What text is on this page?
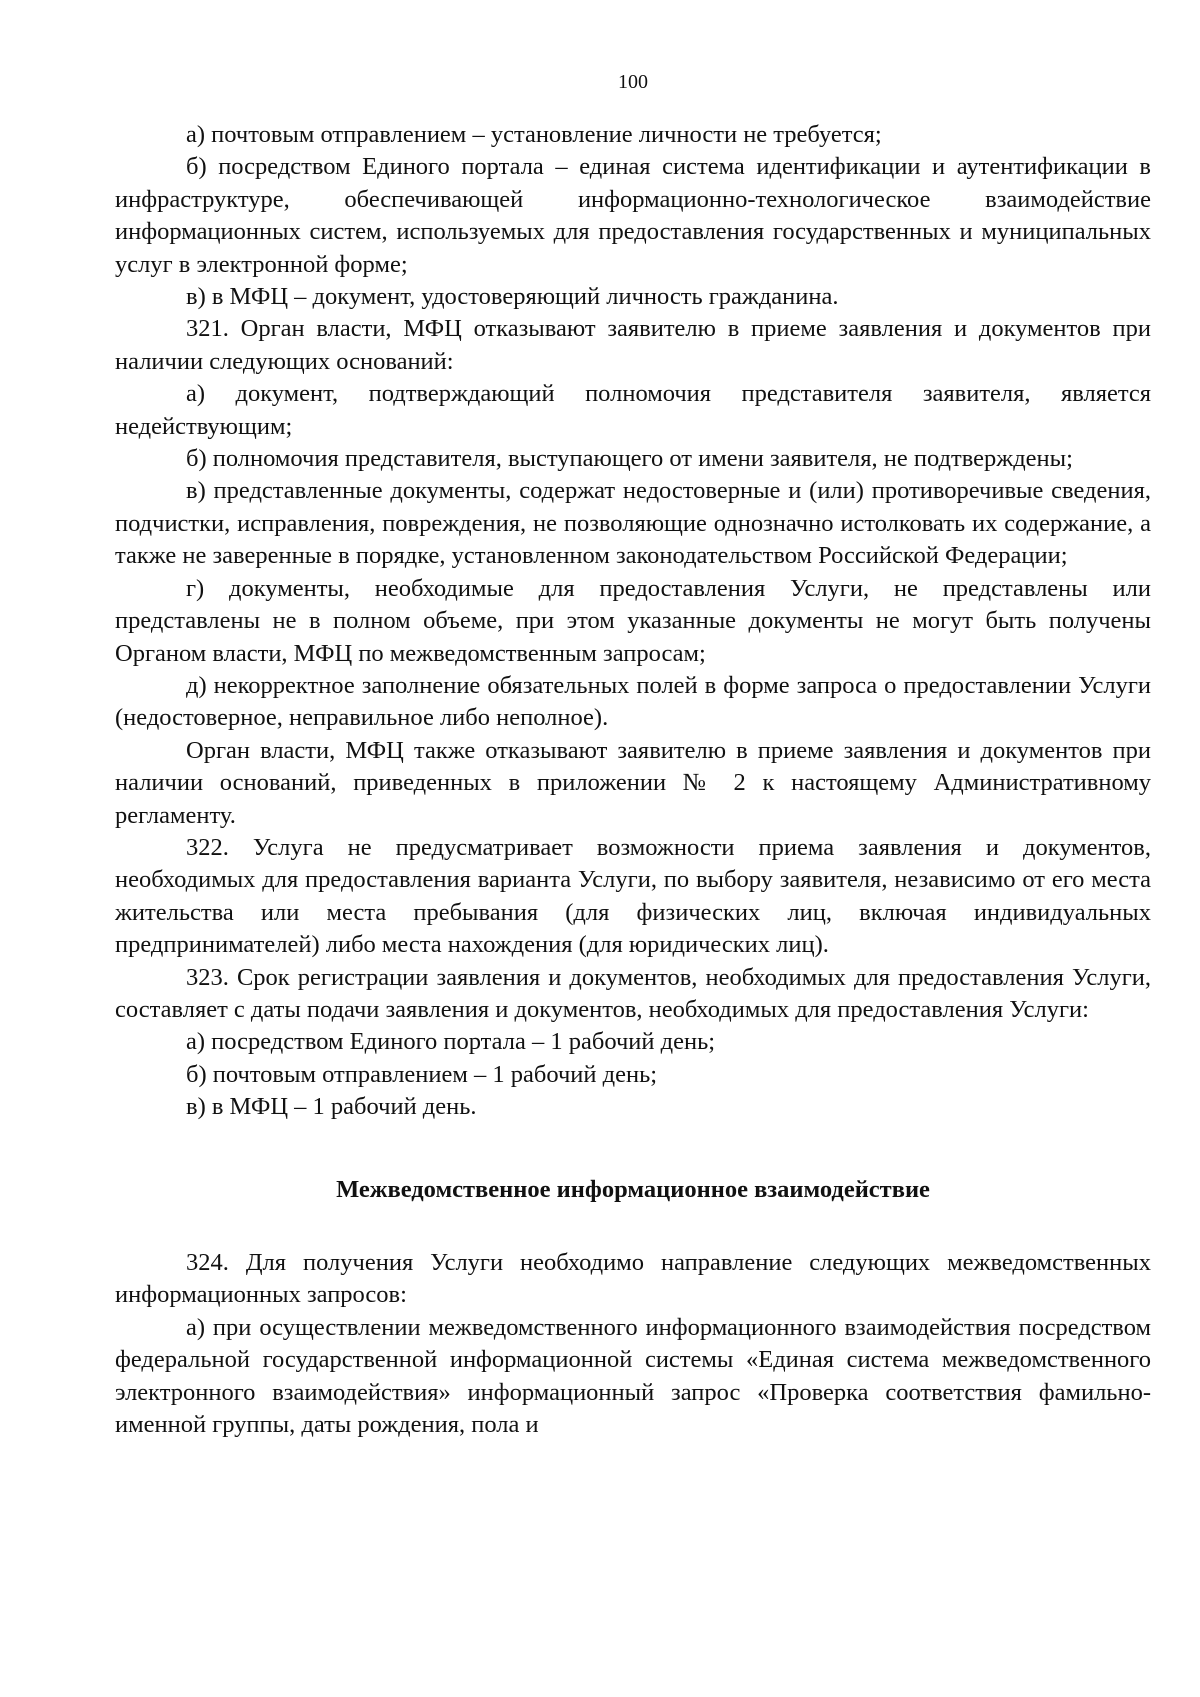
100

а) почтовым отправлением – установление личности не требуется;

б) посредством Единого портала – единая система идентификации и аутентификации в инфраструктуре, обеспечивающей информационно-технологическое взаимодействие информационных систем, используемых для предоставления государственных и муниципальных услуг в электронной форме;

в) в МФЦ – документ, удостоверяющий личность гражданина.

321. Орган власти, МФЦ отказывают заявителю в приеме заявления и документов при наличии следующих оснований:

а) документ, подтверждающий полномочия представителя заявителя, является недействующим;

б) полномочия представителя, выступающего от имени заявителя, не подтверждены;

в) представленные документы, содержат недостоверные и (или) противоречивые сведения, подчистки, исправления, повреждения, не позволяющие однозначно истолковать их содержание, а также не заверенные в порядке, установленном законодательством Российской Федерации;

г) документы, необходимые для предоставления Услуги, не представлены или представлены не в полном объеме, при этом указанные документы не могут быть получены Органом власти, МФЦ по межведомственным запросам;

д) некорректное заполнение обязательных полей в форме запроса о предоставлении Услуги (недостоверное, неправильное либо неполное).

Орган власти, МФЦ также отказывают заявителю в приеме заявления и документов при наличии оснований, приведенных в приложении № 2 к настоящему Административному регламенту.

322. Услуга не предусматривает возможности приема заявления и документов, необходимых для предоставления варианта Услуги, по выбору заявителя, независимо от его места жительства или места пребывания (для физических лиц, включая индивидуальных предпринимателей) либо места нахождения (для юридических лиц).

323. Срок регистрации заявления и документов, необходимых для предоставления Услуги, составляет с даты подачи заявления и документов, необходимых для предоставления Услуги:

а) посредством Единого портала – 1 рабочий день;

б) почтовым отправлением – 1 рабочий день;

в) в МФЦ – 1 рабочий день.

Межведомственное информационное взаимодействие

324. Для получения Услуги необходимо направление следующих межведомственных информационных запросов:

а) при осуществлении межведомственного информационного взаимодействия посредством федеральной государственной информационной системы «Единая система межведомственного электронного взаимодействия» информационный запрос «Проверка соответствия фамильно-именной группы, даты рождения, пола и
